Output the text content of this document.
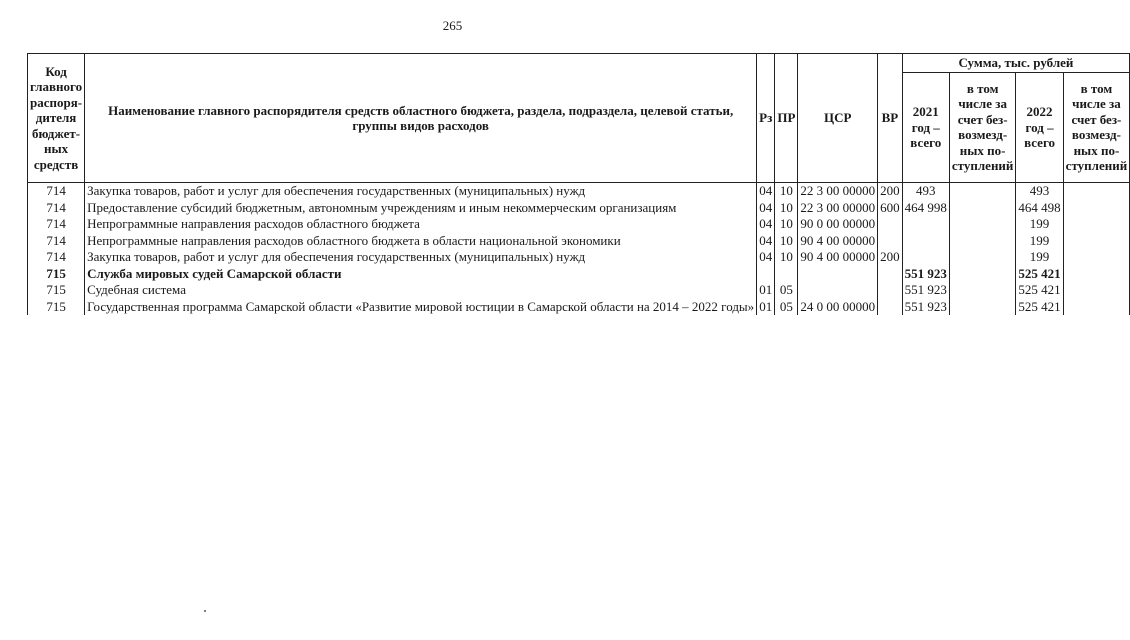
265
Код главного распоря-дителя бюджет-ных средств	Наименование главного распорядителя средств областного бюджета, раздела, подраздела, целевой статьи, группы видов расходов	Рз	ПР	ЦСР	ВР	Сумма, тыс. рублей			
						2021 год – всего	в том числе за счет без-возмезд-ных по-ступлений	2022 год – всего	в том числе за счет без-возмезд-ных по-ступлений
714	Закупка товаров, работ и услуг для обеспечения государственных (муниципальных) нужд	04	10	22 3 00 00000	200	493		493	
714	Предоставление субсидий бюджетным, автономным учреждениям и иным некоммерческим организациям	04	10	22 3 00 00000	600	464 998		464 498	
714	Непрограммные направления расходов областного бюджета	04	10	90 0 00 00000				199	
714	Непрограммные направления расходов областного бюджета в области национальной экономики	04	10	90 4 00 00000				199	
714	Закупка товаров, работ и услуг для обеспечения государственных (муниципальных) нужд	04	10	90 4 00 00000	200			199	
715	Служба мировых судей Самарской области					551 923		525 421	
715	Судебная система	01	05			551 923		525 421	
715	Государственная программа Самарской области «Развитие мировой юстиции в Самарской области на 2014 – 2022 годы»	01	05	24 0 00 00000		551 923		525 421	
